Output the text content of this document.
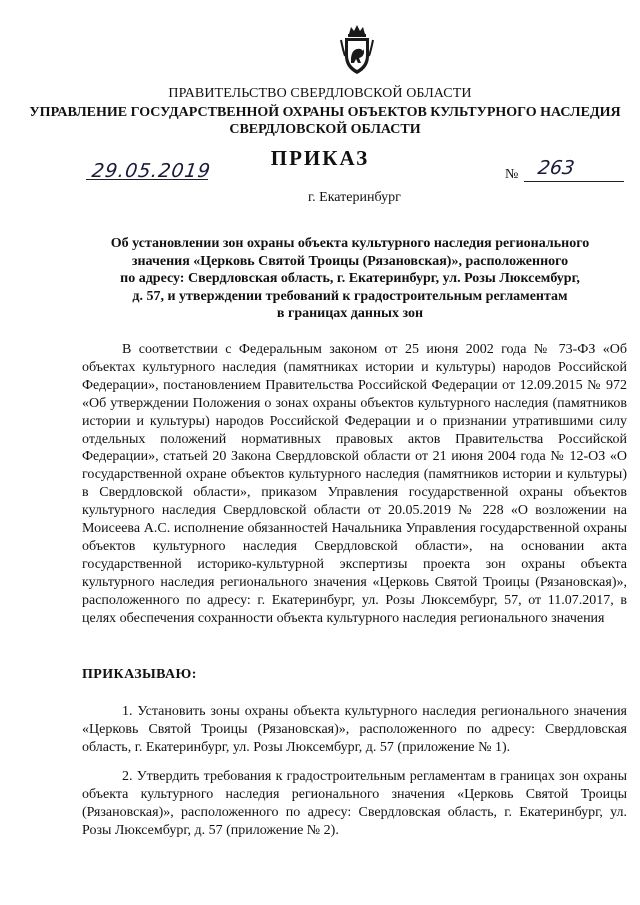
ПРАВИТЕЛЬСТВО СВЕРДЛОВСКОЙ ОБЛАСТИ
УПРАВЛЕНИЕ ГОСУДАРСТВЕННОЙ ОХРАНЫ ОБЪЕКТОВ КУЛЬТУРНОГО НАСЛЕДИЯ
СВЕРДЛОВСКОЙ ОБЛАСТИ
ПРИКАЗ
29.05.2019	№ 263
г. Екатеринбург
Об установлении зон охраны объекта культурного наследия регионального
значения «Церковь Святой Троицы (Рязановская)», расположенного
по адресу: Свердловская область, г. Екатеринбург, ул. Розы Люксембург,
д. 57, и утверждении требований к градостроительным регламентам
в границах данных зон
В соответствии с Федеральным законом от 25 июня 2002 года № 73-ФЗ «Об объектах культурного наследия (памятниках истории и культуры) народов Российской Федерации», постановлением Правительства Российской Федерации от 12.09.2015 № 972 «Об утверждении Положения о зонах охраны объектов культурного наследия (памятников истории и культуры) народов Российской Федерации и о признании утратившими силу отдельных положений нормативных правовых актов Правительства Российской Федерации», статьей 20 Закона Свердловской области от 21 июня 2004 года № 12-ОЗ «О государственной охране объектов культурного наследия (памятников истории и культуры) в Свердловской области», приказом Управления государственной охраны объектов культурного наследия Свердловской области от 20.05.2019 № 228 «О возложении на Моисеева А.С. исполнение обязанностей Начальника Управления государственной охраны объектов культурного наследия Свердловской области», на основании акта государственной историко-культурной экспертизы проекта зон охраны объекта культурного наследия регионального значения «Церковь Святой Троицы (Рязановская)», расположенного по адресу: г. Екатеринбург, ул. Розы Люксембург, 57, от 11.07.2017, в целях обеспечения сохранности объекта культурного наследия регионального значения
ПРИКАЗЫВАЮ:
1. Установить зоны охраны объекта культурного наследия регионального значения «Церковь Святой Троицы (Рязановская)», расположенного по адресу: Свердловская область, г. Екатеринбург, ул. Розы Люксембург, д. 57 (приложение № 1).
2. Утвердить требования к градостроительным регламентам в границах зон охраны объекта культурного наследия регионального значения «Церковь Святой Троицы (Рязановская)», расположенного по адресу: Свердловская область, г. Екатеринбург, ул. Розы Люксембург, д. 57 (приложение № 2).
